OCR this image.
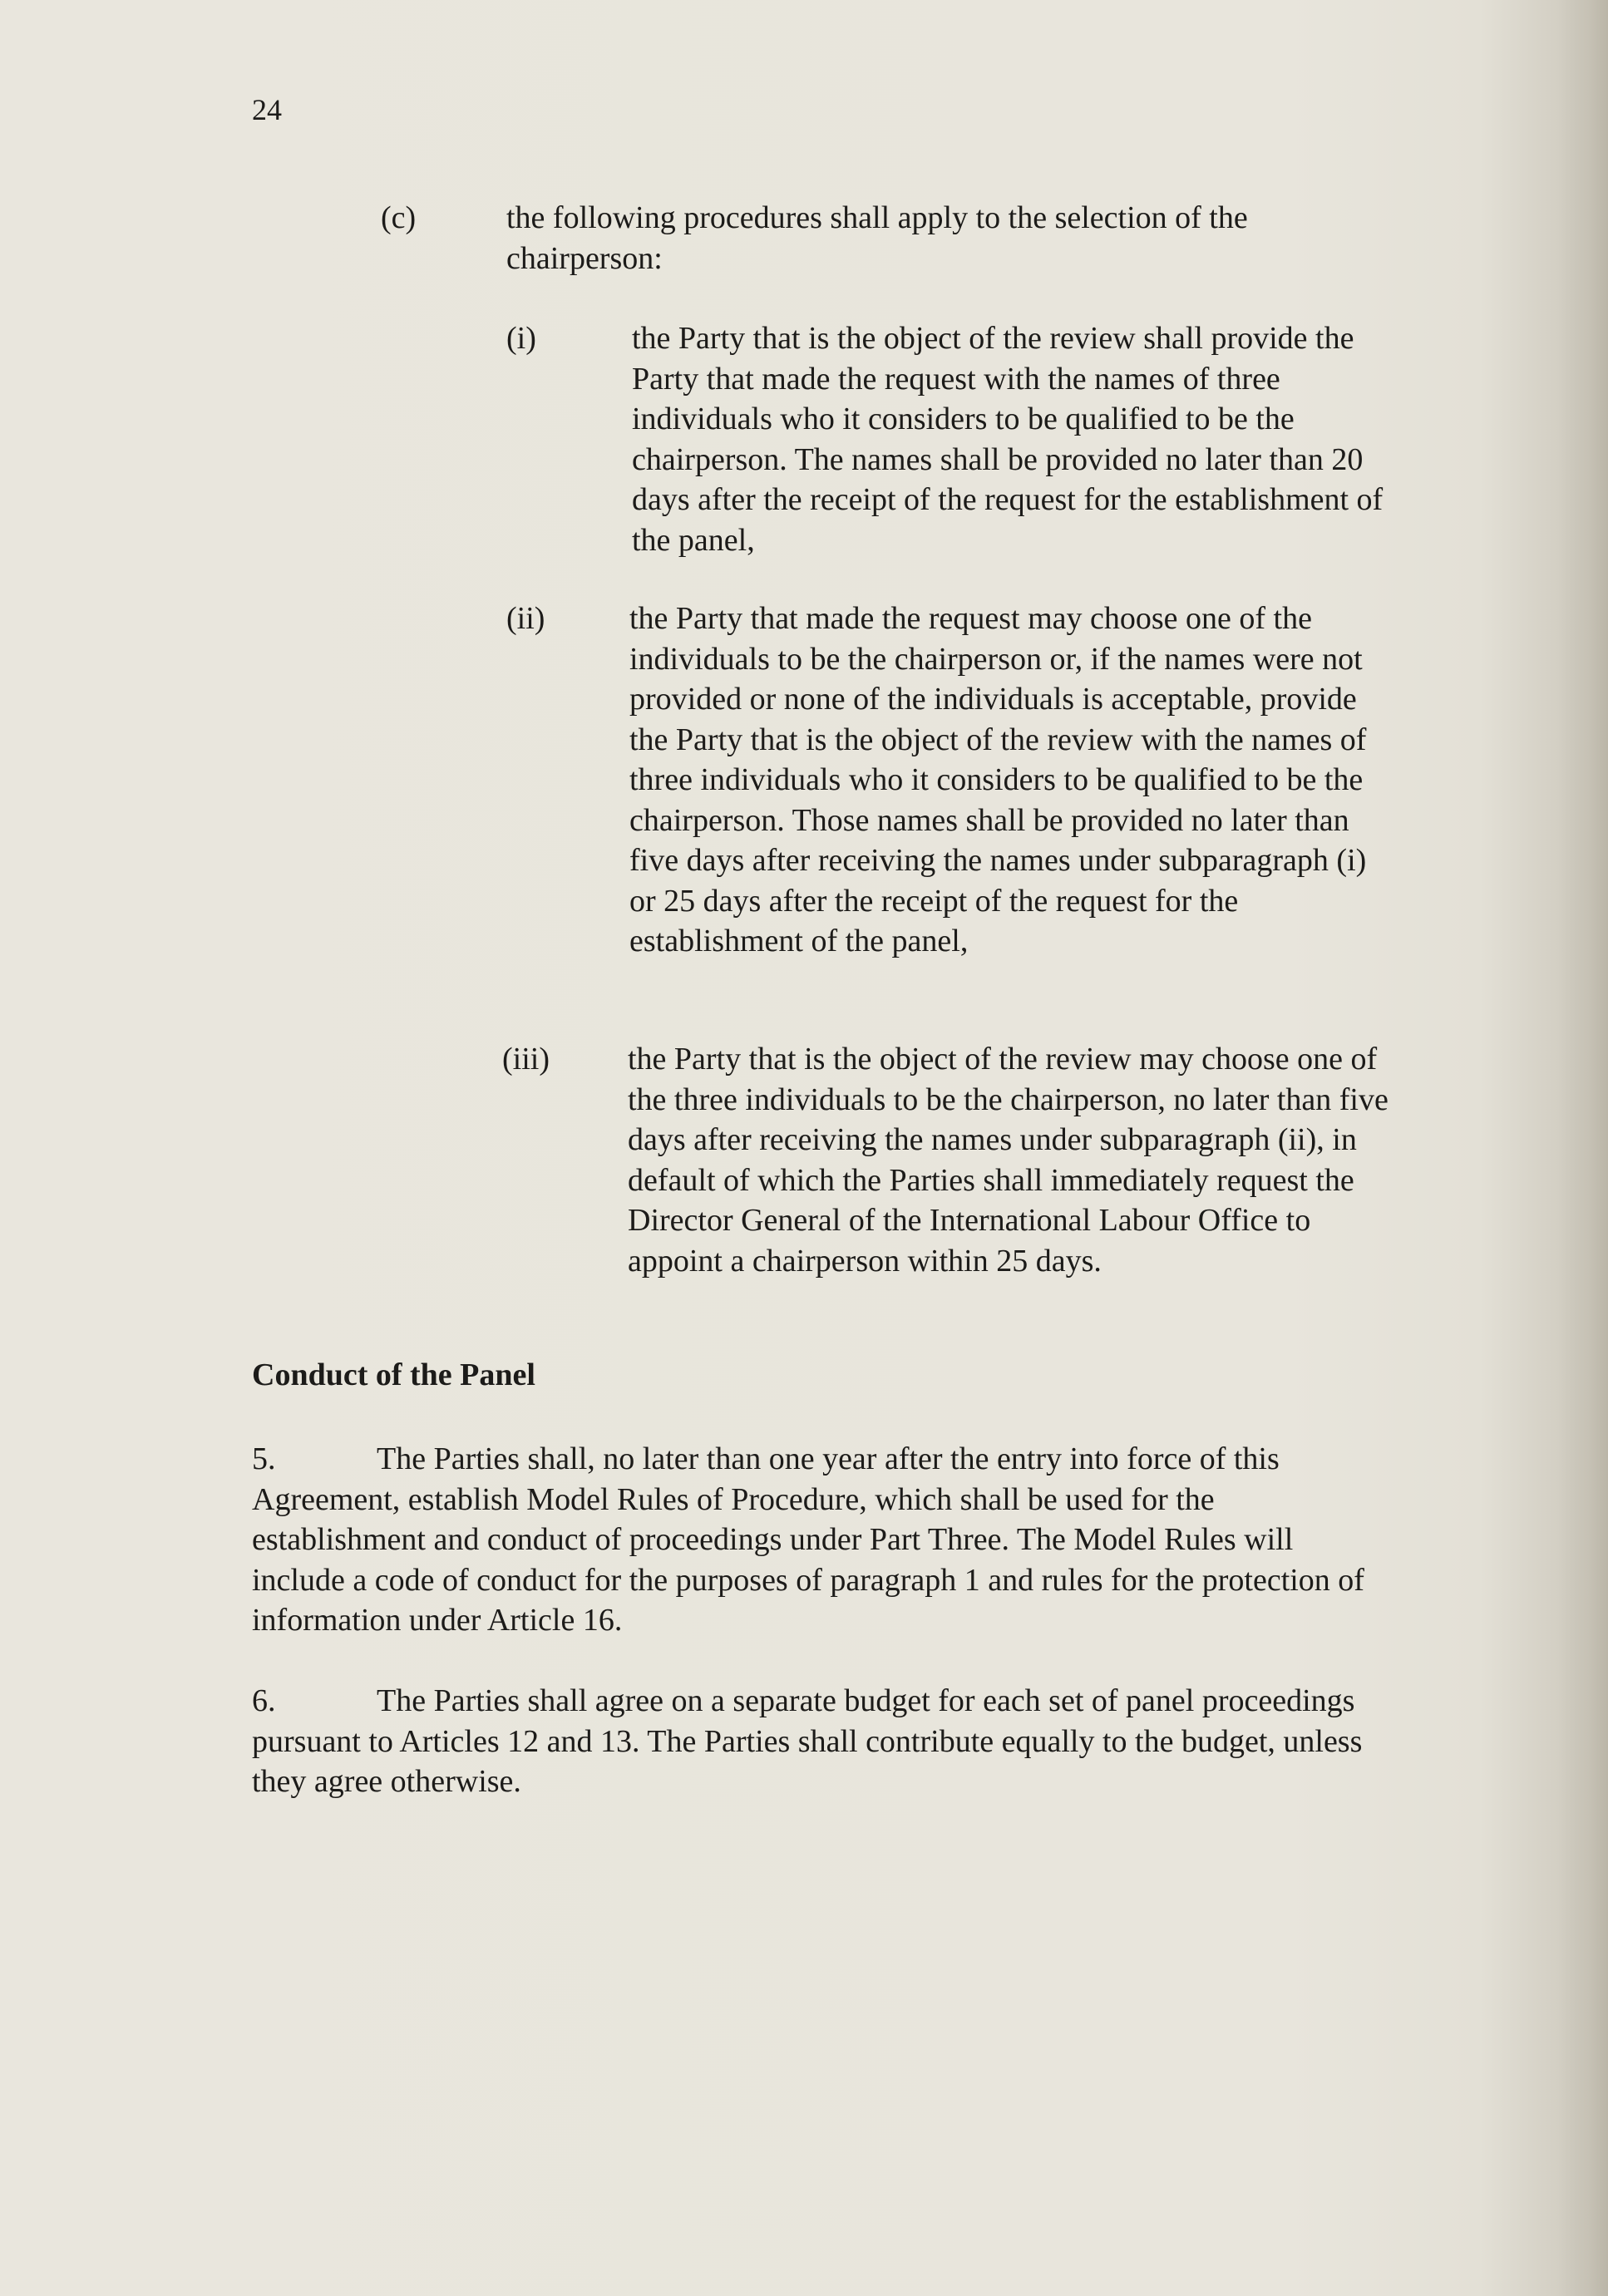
24
(c)	the following procedures shall apply to the selection of the chairperson:
(i)	the Party that is the object of the review shall provide the Party that made the request with the names of three individuals who it considers to be qualified to be the chairperson. The names shall be provided no later than 20 days after the receipt of the request for the establishment of the panel,
(ii)	the Party that made the request may choose one of the individuals to be the chairperson or, if the names were not provided or none of the individuals is acceptable, provide the Party that is the object of the review with the names of three individuals who it considers to be qualified to be the chairperson. Those names shall be provided no later than five days after receiving the names under subparagraph (i) or 25 days after the receipt of the request for the establishment of the panel,
(iii) the Party that is the object of the review may choose one of the three individuals to be the chairperson, no later than five days after receiving the names under subparagraph (ii), in default of which the Parties shall immediately request the Director General of the International Labour Office to appoint a chairperson within 25 days.
Conduct of the Panel
5.	The Parties shall, no later than one year after the entry into force of this Agreement, establish Model Rules of Procedure, which shall be used for the establishment and conduct of proceedings under Part Three. The Model Rules will include a code of conduct for the purposes of paragraph 1 and rules for the protection of information under Article 16.
6.	The Parties shall agree on a separate budget for each set of panel proceedings pursuant to Articles 12 and 13. The Parties shall contribute equally to the budget, unless they agree otherwise.
